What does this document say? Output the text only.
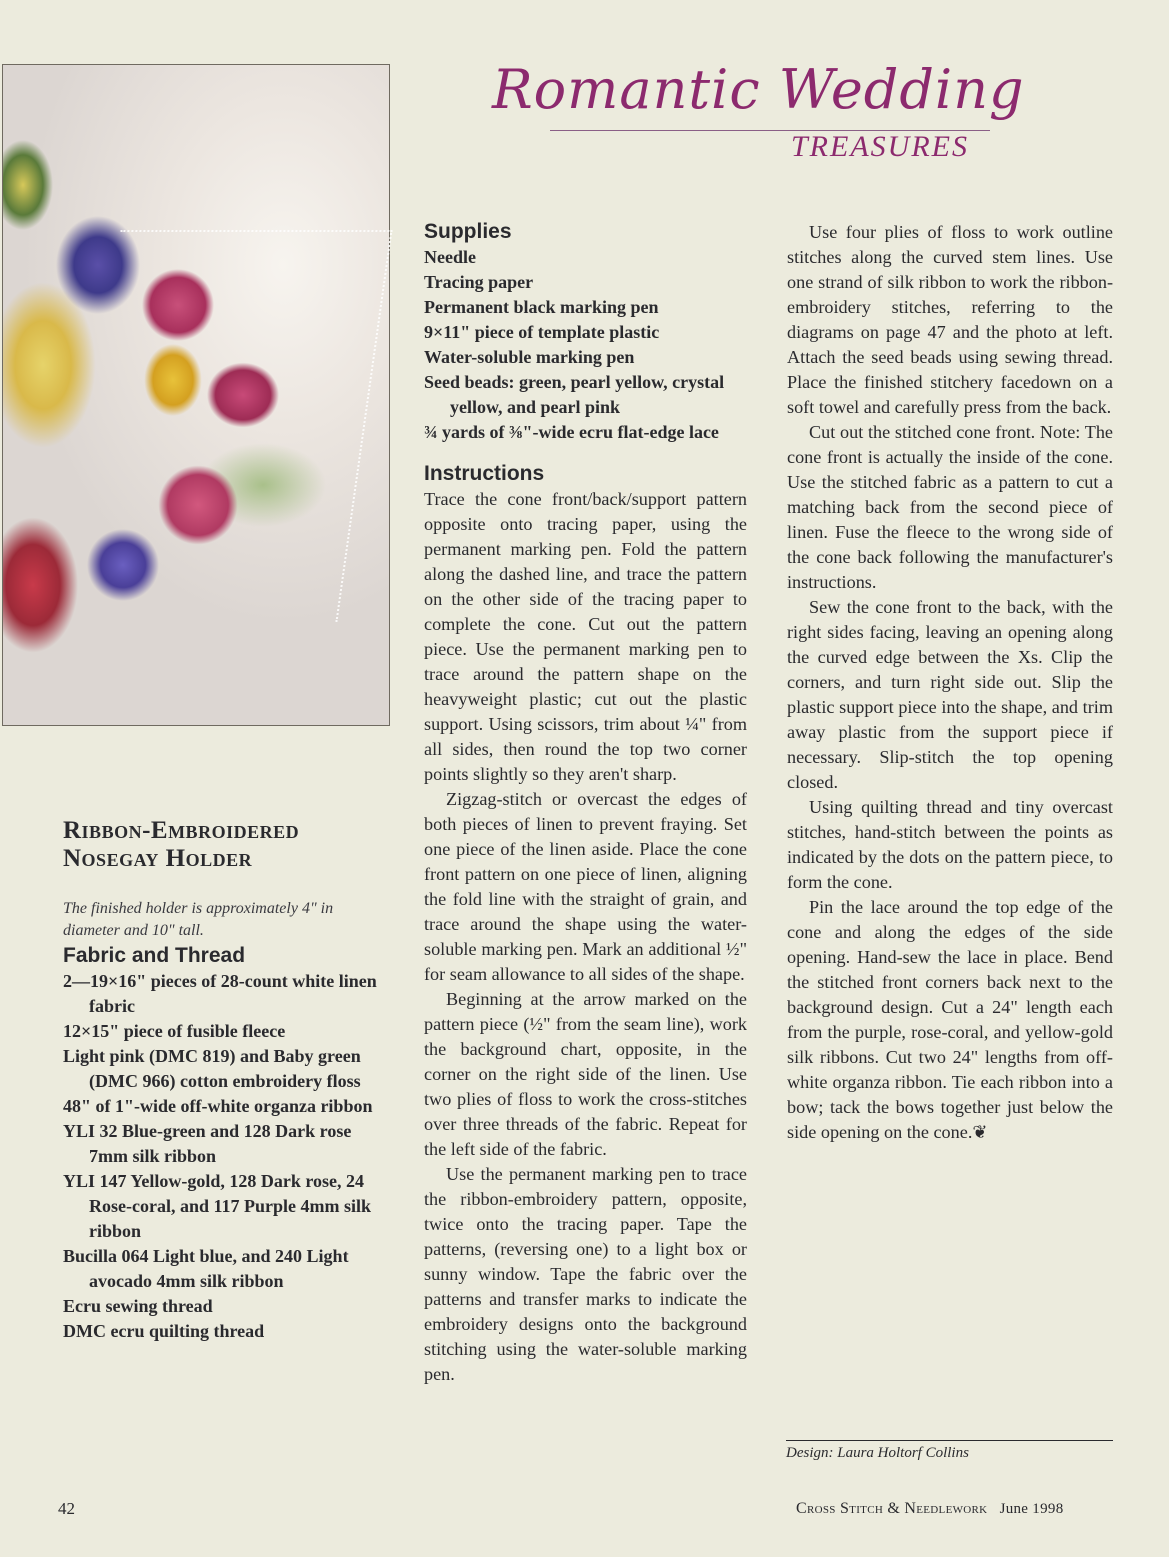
Romantic Wedding
TREASURES
Ribbon-Embroidered
Nosegay Holder
The finished holder is approximately 4" in diameter and 10" tall.
Fabric and Thread
2—19×16" pieces of 28-count white linen fabric
12×15" piece of fusible fleece
Light pink (DMC 819) and Baby green (DMC 966) cotton embroidery floss
48" of 1"-wide off-white organza ribbon
YLI 32 Blue-green and 128 Dark rose 7mm silk ribbon
YLI 147 Yellow-gold, 128 Dark rose, 24 Rose-coral, and 117 Purple 4mm silk ribbon
Bucilla 064 Light blue, and 240 Light avocado 4mm silk ribbon
Ecru sewing thread
DMC ecru quilting thread
Supplies
Needle
Tracing paper
Permanent black marking pen
9×11" piece of template plastic
Water-soluble marking pen
Seed beads: green, pearl yellow, crystal yellow, and pearl pink
¾ yards of ⅜"-wide ecru flat-edge lace
Instructions

Trace the cone front/back/support pattern opposite onto tracing paper, using the permanent marking pen. Fold the pattern along the dashed line, and trace the pattern on the other side of the tracing paper to complete the cone. Cut out the pattern piece. Use the permanent marking pen to trace around the pattern shape on the heavyweight plastic; cut out the plastic support. Using scissors, trim about ¼" from all sides, then round the top two corner points slightly so they aren't sharp.

Zigzag-stitch or overcast the edges of both pieces of linen to prevent fraying. Set one piece of the linen aside. Place the cone front pattern on one piece of linen, aligning the fold line with the straight of grain, and trace around the shape using the water-soluble marking pen. Mark an additional ½" for seam allowance to all sides of the shape.

Beginning at the arrow marked on the pattern piece (½" from the seam line), work the background chart, opposite, in the corner on the right side of the linen. Use two plies of floss to work the cross-stitches over three threads of the fabric. Repeat for the left side of the fabric.

Use the permanent marking pen to trace the ribbon-embroidery pattern, opposite, twice onto the tracing paper. Tape the patterns, (reversing one) to a light box or sunny window. Tape the fabric over the patterns and transfer marks to indicate the embroidery designs onto the background stitching using the water-soluble marking pen.

Use four plies of floss to work outline stitches along the curved stem lines. Use one strand of silk ribbon to work the ribbon-embroidery stitches, referring to the diagrams on page 47 and the photo at left. Attach the seed beads using sewing thread. Place the finished stitchery facedown on a soft towel and carefully press from the back.

Cut out the stitched cone front. Note: The cone front is actually the inside of the cone. Use the stitched fabric as a pattern to cut a matching back from the second piece of linen. Fuse the fleece to the wrong side of the cone back following the manufacturer's instructions.

Sew the cone front to the back, with the right sides facing, leaving an opening along the curved edge between the Xs. Clip the corners, and turn right side out. Slip the plastic support piece into the shape, and trim away plastic from the support piece if necessary. Slip-stitch the top opening closed.

Using quilting thread and tiny overcast stitches, hand-stitch between the points as indicated by the dots on the pattern piece, to form the cone.

Pin the lace around the top edge of the cone and along the edges of the side opening. Hand-sew the lace in place. Bend the stitched front corners back next to the background design. Cut a 24" length each from the purple, rose-coral, and yellow-gold silk ribbons. Cut two 24" lengths from off-white organza ribbon. Tie each ribbon into a bow; tack the bows together just below the side opening on the cone.❦

Design: Laura Holtorf Collins
42	Cross Stitch & Needlework June 1998
